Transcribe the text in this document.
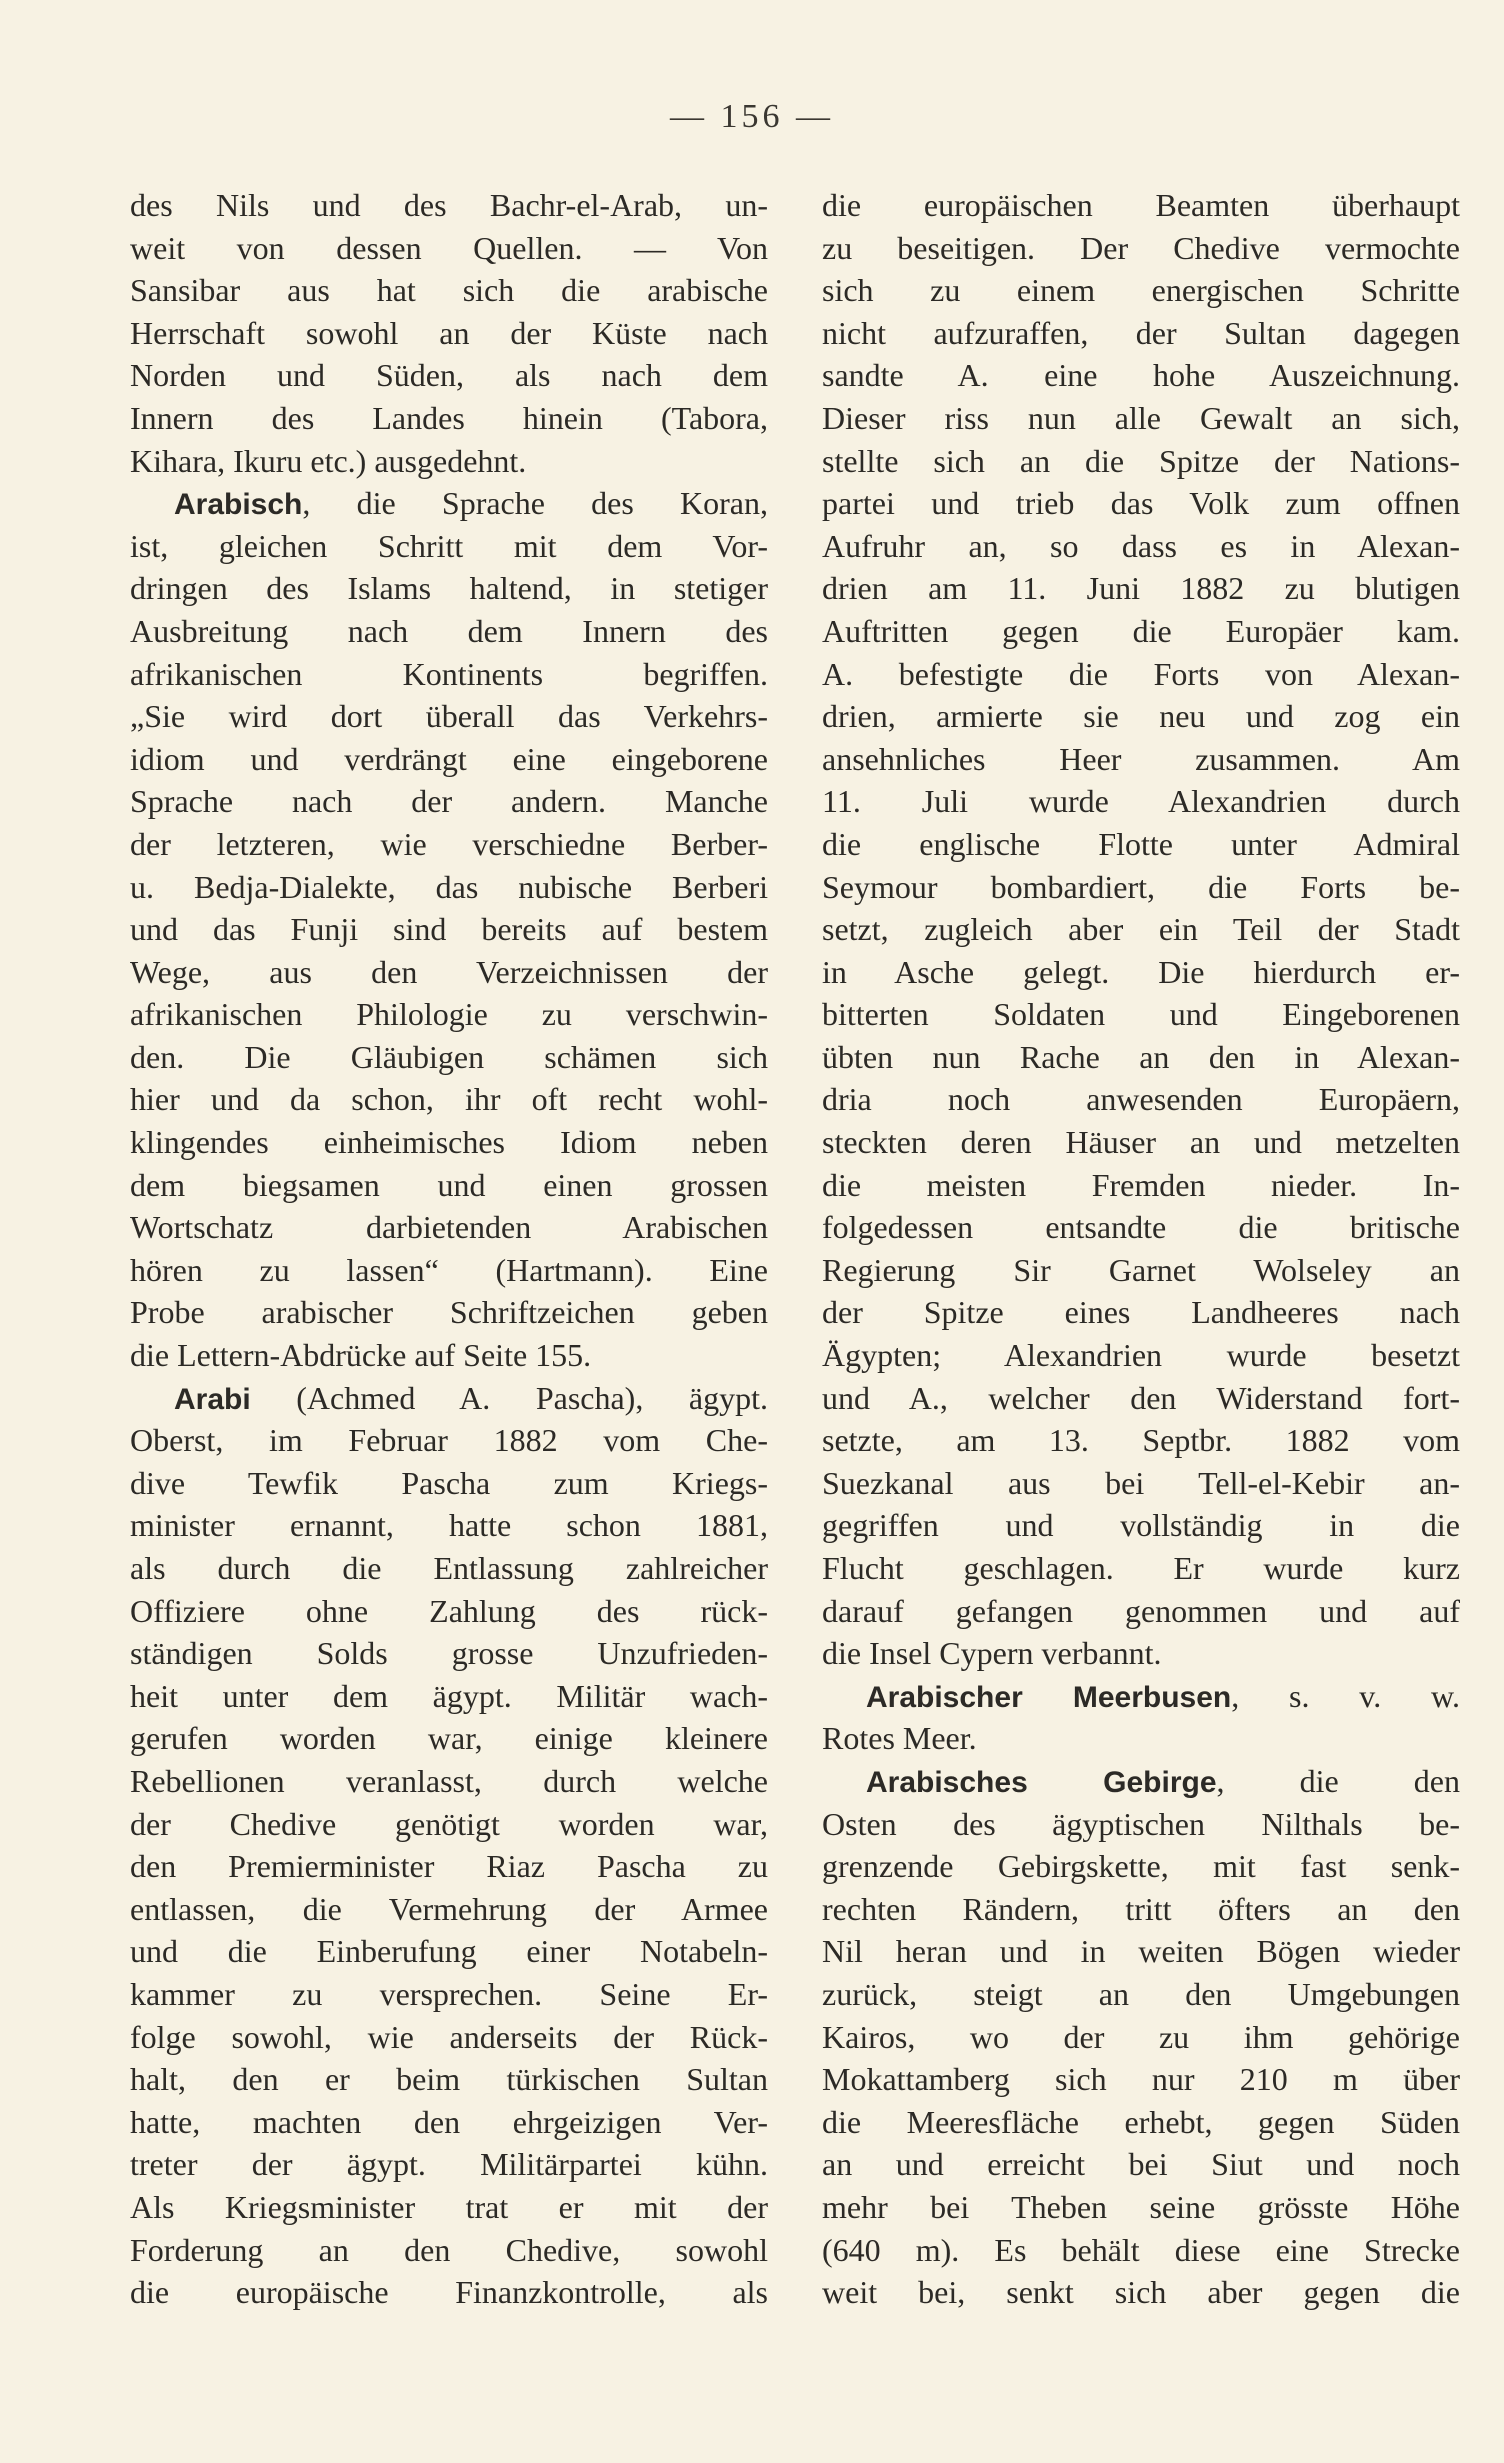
— 156 —
des Nils und des Bachr-el-Arab, un-
weit von dessen Quellen. — Von
Sansibar aus hat sich die arabische
Herrschaft sowohl an der Küste nach
Norden und Süden, als nach dem
Innern des Landes hinein (Tabora,
Kihara, Ikuru etc.) ausgedehnt.
Arabisch, die Sprache des Koran,
ist, gleichen Schritt mit dem Vor-
dringen des Islams haltend, in stetiger
Ausbreitung nach dem Innern des
afrikanischen Kontinents begriffen.
„Sie wird dort überall das Verkehrs-
idiom und verdrängt eine eingeborene
Sprache nach der andern. Manche
der letzteren, wie verschiedne Berber-
u. Bedja-Dialekte, das nubische Berberi
und das Funji sind bereits auf bestem
Wege, aus den Verzeichnissen der
afrikanischen Philologie zu verschwin-
den. Die Gläubigen schämen sich
hier und da schon, ihr oft recht wohl-
klingendes einheimisches Idiom neben
dem biegsamen und einen grossen
Wortschatz darbietenden Arabischen
hören zu lassen“ (Hartmann). Eine
Probe arabischer Schriftzeichen geben
die Lettern-Abdrücke auf Seite 155.
Arabi (Achmed A. Pascha), ägypt.
Oberst, im Februar 1882 vom Che-
dive Tewfik Pascha zum Kriegs-
minister ernannt, hatte schon 1881,
als durch die Entlassung zahlreicher
Offiziere ohne Zahlung des rück-
ständigen Solds grosse Unzufrieden-
heit unter dem ägypt. Militär wach-
gerufen worden war, einige kleinere
Rebellionen veranlasst, durch welche
der Chedive genötigt worden war,
den Premierminister Riaz Pascha zu
entlassen, die Vermehrung der Armee
und die Einberufung einer Notabeln-
kammer zu versprechen. Seine Er-
folge sowohl, wie anderseits der Rück-
halt, den er beim türkischen Sultan
hatte, machten den ehrgeizigen Ver-
treter der ägypt. Militärpartei kühn.
Als Kriegsminister trat er mit der
Forderung an den Chedive, sowohl
die europäische Finanzkontrolle, als
die europäischen Beamten überhaupt
zu beseitigen. Der Chedive vermochte
sich zu einem energischen Schritte
nicht aufzuraffen, der Sultan dagegen
sandte A. eine hohe Auszeichnung.
Dieser riss nun alle Gewalt an sich,
stellte sich an die Spitze der Nations-
partei und trieb das Volk zum offnen
Aufruhr an, so dass es in Alexan-
drien am 11. Juni 1882 zu blutigen
Auftritten gegen die Europäer kam.
A. befestigte die Forts von Alexan-
drien, armierte sie neu und zog ein
ansehnliches Heer zusammen. Am
11. Juli wurde Alexandrien durch
die englische Flotte unter Admiral
Seymour bombardiert, die Forts be-
setzt, zugleich aber ein Teil der Stadt
in Asche gelegt. Die hierdurch er-
bitterten Soldaten und Eingeborenen
übten nun Rache an den in Alexan-
dria noch anwesenden Europäern,
steckten deren Häuser an und metzelten
die meisten Fremden nieder. In-
folgedessen entsandte die britische
Regierung Sir Garnet Wolseley an
der Spitze eines Landheeres nach
Ägypten; Alexandrien wurde besetzt
und A., welcher den Widerstand fort-
setzte, am 13. Septbr. 1882 vom
Suezkanal aus bei Tell-el-Kebir an-
gegriffen und vollständig in die
Flucht geschlagen. Er wurde kurz
darauf gefangen genommen und auf
die Insel Cypern verbannt.
Arabischer Meerbusen, s. v. w.
Rotes Meer.
Arabisches Gebirge, die den
Osten des ägyptischen Nilthals be-
grenzende Gebirgskette, mit fast senk-
rechten Rändern, tritt öfters an den
Nil heran und in weiten Bögen wieder
zurück, steigt an den Umgebungen
Kairos, wo der zu ihm gehörige
Mokattamberg sich nur 210 m über
die Meeresfläche erhebt, gegen Süden
an und erreicht bei Siut und noch
mehr bei Theben seine grösste Höhe
(640 m). Es behält diese eine Strecke
weit bei, senkt sich aber gegen die
